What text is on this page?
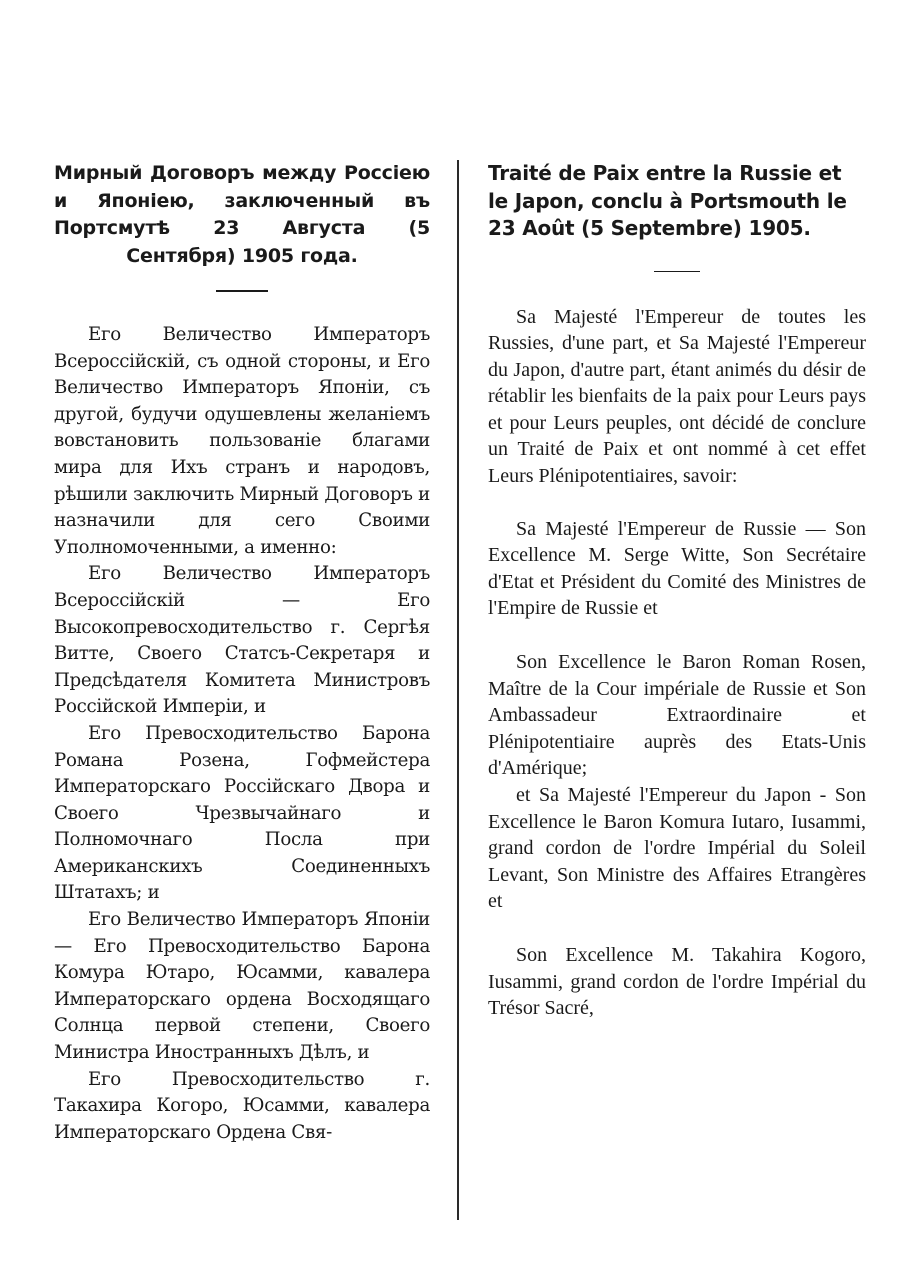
Мирный Договоръ между Россiею и Японiею, заключенный въ Портсмутѣ 23 Августа (5 Сентября) 1905 года.

Его Величество Императоръ Всероссiйскiй, съ одной стороны, и Его Величество Императоръ Японiи, съ другой, будучи одушевлены желанiемъ вовстановить пользованiе благами мира для Ихъ странъ и народовъ, рѣшили заключить Мирный Договоръ и назначили для сего Своими Уполномоченными, а именно:

Его Величество Императоръ Всероссiйскiй — Его Высокопревосходительство г. Сергѣя Витте, Своего Статсъ-Секретаря и Предсѣдателя Комитета Министровъ Россiйской Имперiи, и

Его Превосходительство Барона Романа Розена, Гофмейстера Императорскаго Россiйскаго Двора и Своего Чрезвычайнаго и Полномочнаго Посла при Американскихъ Соединенныхъ Штатахъ; и

Его Величество Императоръ Японiи — Его Превосходительство Барона Комура Ютаро, Юсамми, кавалера Императорскаго ордена Восходящаго Солнца первой степени, Своего Министра Иностранныхъ Дѣлъ, и

Его Превосходительство г. Такахира Когоро, Юсамми, кавалера Императорскаго Ордена Свя-

Traité de Paix entre la Russie et le Japon, conclu à Portsmouth le 23 Août (5 Septembre) 1905.

Sa Majesté l'Empereur de toutes les Russies, d'une part, et Sa Majesté l'Empereur du Japon, d'autre part, étant animés du désir de rétablir les bienfaits de la paix pour Leurs pays et pour Leurs peuples, ont décidé de conclure un Traité de Paix et ont nommé à cet effet Leurs Plénipotentiaires, savoir:

Sa Majesté l'Empereur de Russie — Son Excellence M. Serge Witte, Son Secrétaire d'Etat et Président du Comité des Ministres de l'Empire de Russie et

Son Excellence le Baron Roman Rosen, Maître de la Cour impériale de Russie et Son Ambassadeur Extraordinaire et Plénipotentiaire auprès des Etats-Unis d'Amérique;

et Sa Majesté l'Empereur du Japon - Son Excellence le Baron Komura Iutaro, Iusammi, grand cordon de l'ordre Impérial du Soleil Levant, Son Ministre des Affaires Etrangères et

Son Excellence M. Takahira Kogoro, Iusammi, grand cordon de l'ordre Impérial du Trésor Sacré,
